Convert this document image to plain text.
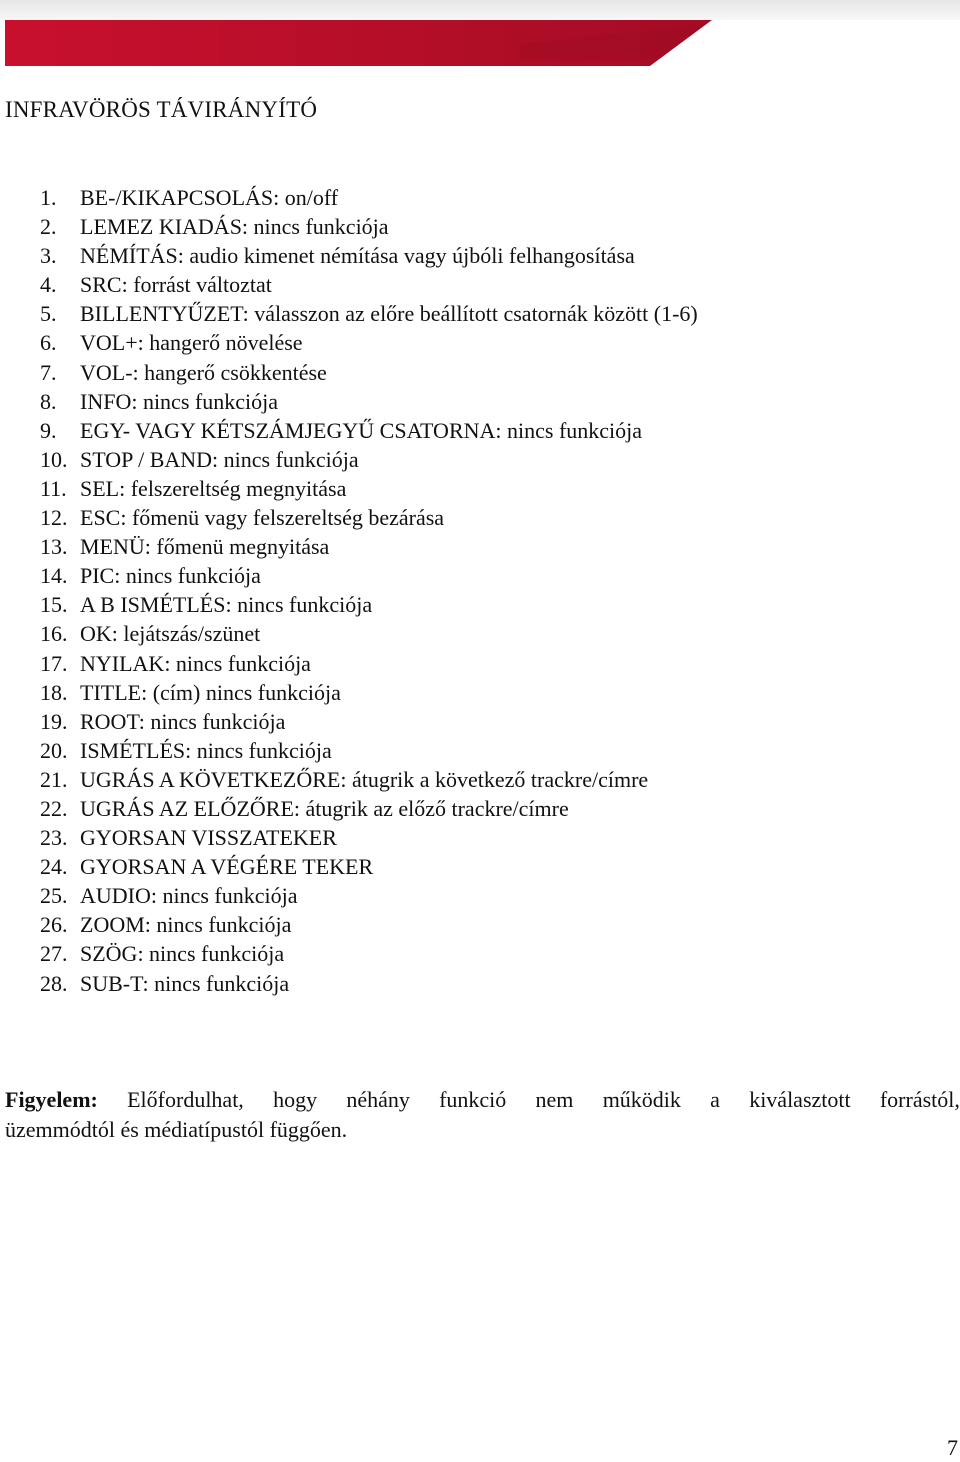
INFRAVÖRÖS TÁVIRÁNYÍTÓ
1. BE-/KIKAPCSOLÁS: on/off
2. LEMEZ KIADÁS: nincs funkciója
3. NÉMÍTÁS: audio kimenet némítása vagy újbóli felhangosítása
4. SRC: forrást változtat
5. BILLENTYŰZET: válasszon az előre beállított csatornák között (1-6)
6. VOL+: hangerő növelése
7. VOL-: hangerő csökkentése
8. INFO: nincs funkciója
9. EGY- VAGY KÉTSZÁMJEGYŰ CSATORNA: nincs funkciója
10. STOP / BAND: nincs funkciója
11. SEL: felszereltség megnyitása
12. ESC: főmenü vagy felszereltség bezárása
13. MENÜ: főmenü megnyitása
14. PIC: nincs funkciója
15. A B ISMÉTLÉS: nincs funkciója
16. OK: lejátszás/szünet
17. NYILAK: nincs funkciója
18. TITLE: (cím) nincs funkciója
19. ROOT: nincs funkciója
20. ISMÉTLÉS: nincs funkciója
21. UGRÁS A KÖVETKEZŐRE: átugrik a következő trackre/címre
22. UGRÁS AZ ELŐZŐRE: átugrik az előző trackre/címre
23. GYORSAN VISSZATEKER
24. GYORSAN A VÉGÉRE TEKER
25. AUDIO: nincs funkciója
26. ZOOM: nincs funkciója
27. SZÖG: nincs funkciója
28. SUB-T: nincs funkciója
Figyelem: Előfordulhat, hogy néhány funkció nem működik a kiválasztott forrástól,
üzemmódtól és médiatípustól függően.
7
